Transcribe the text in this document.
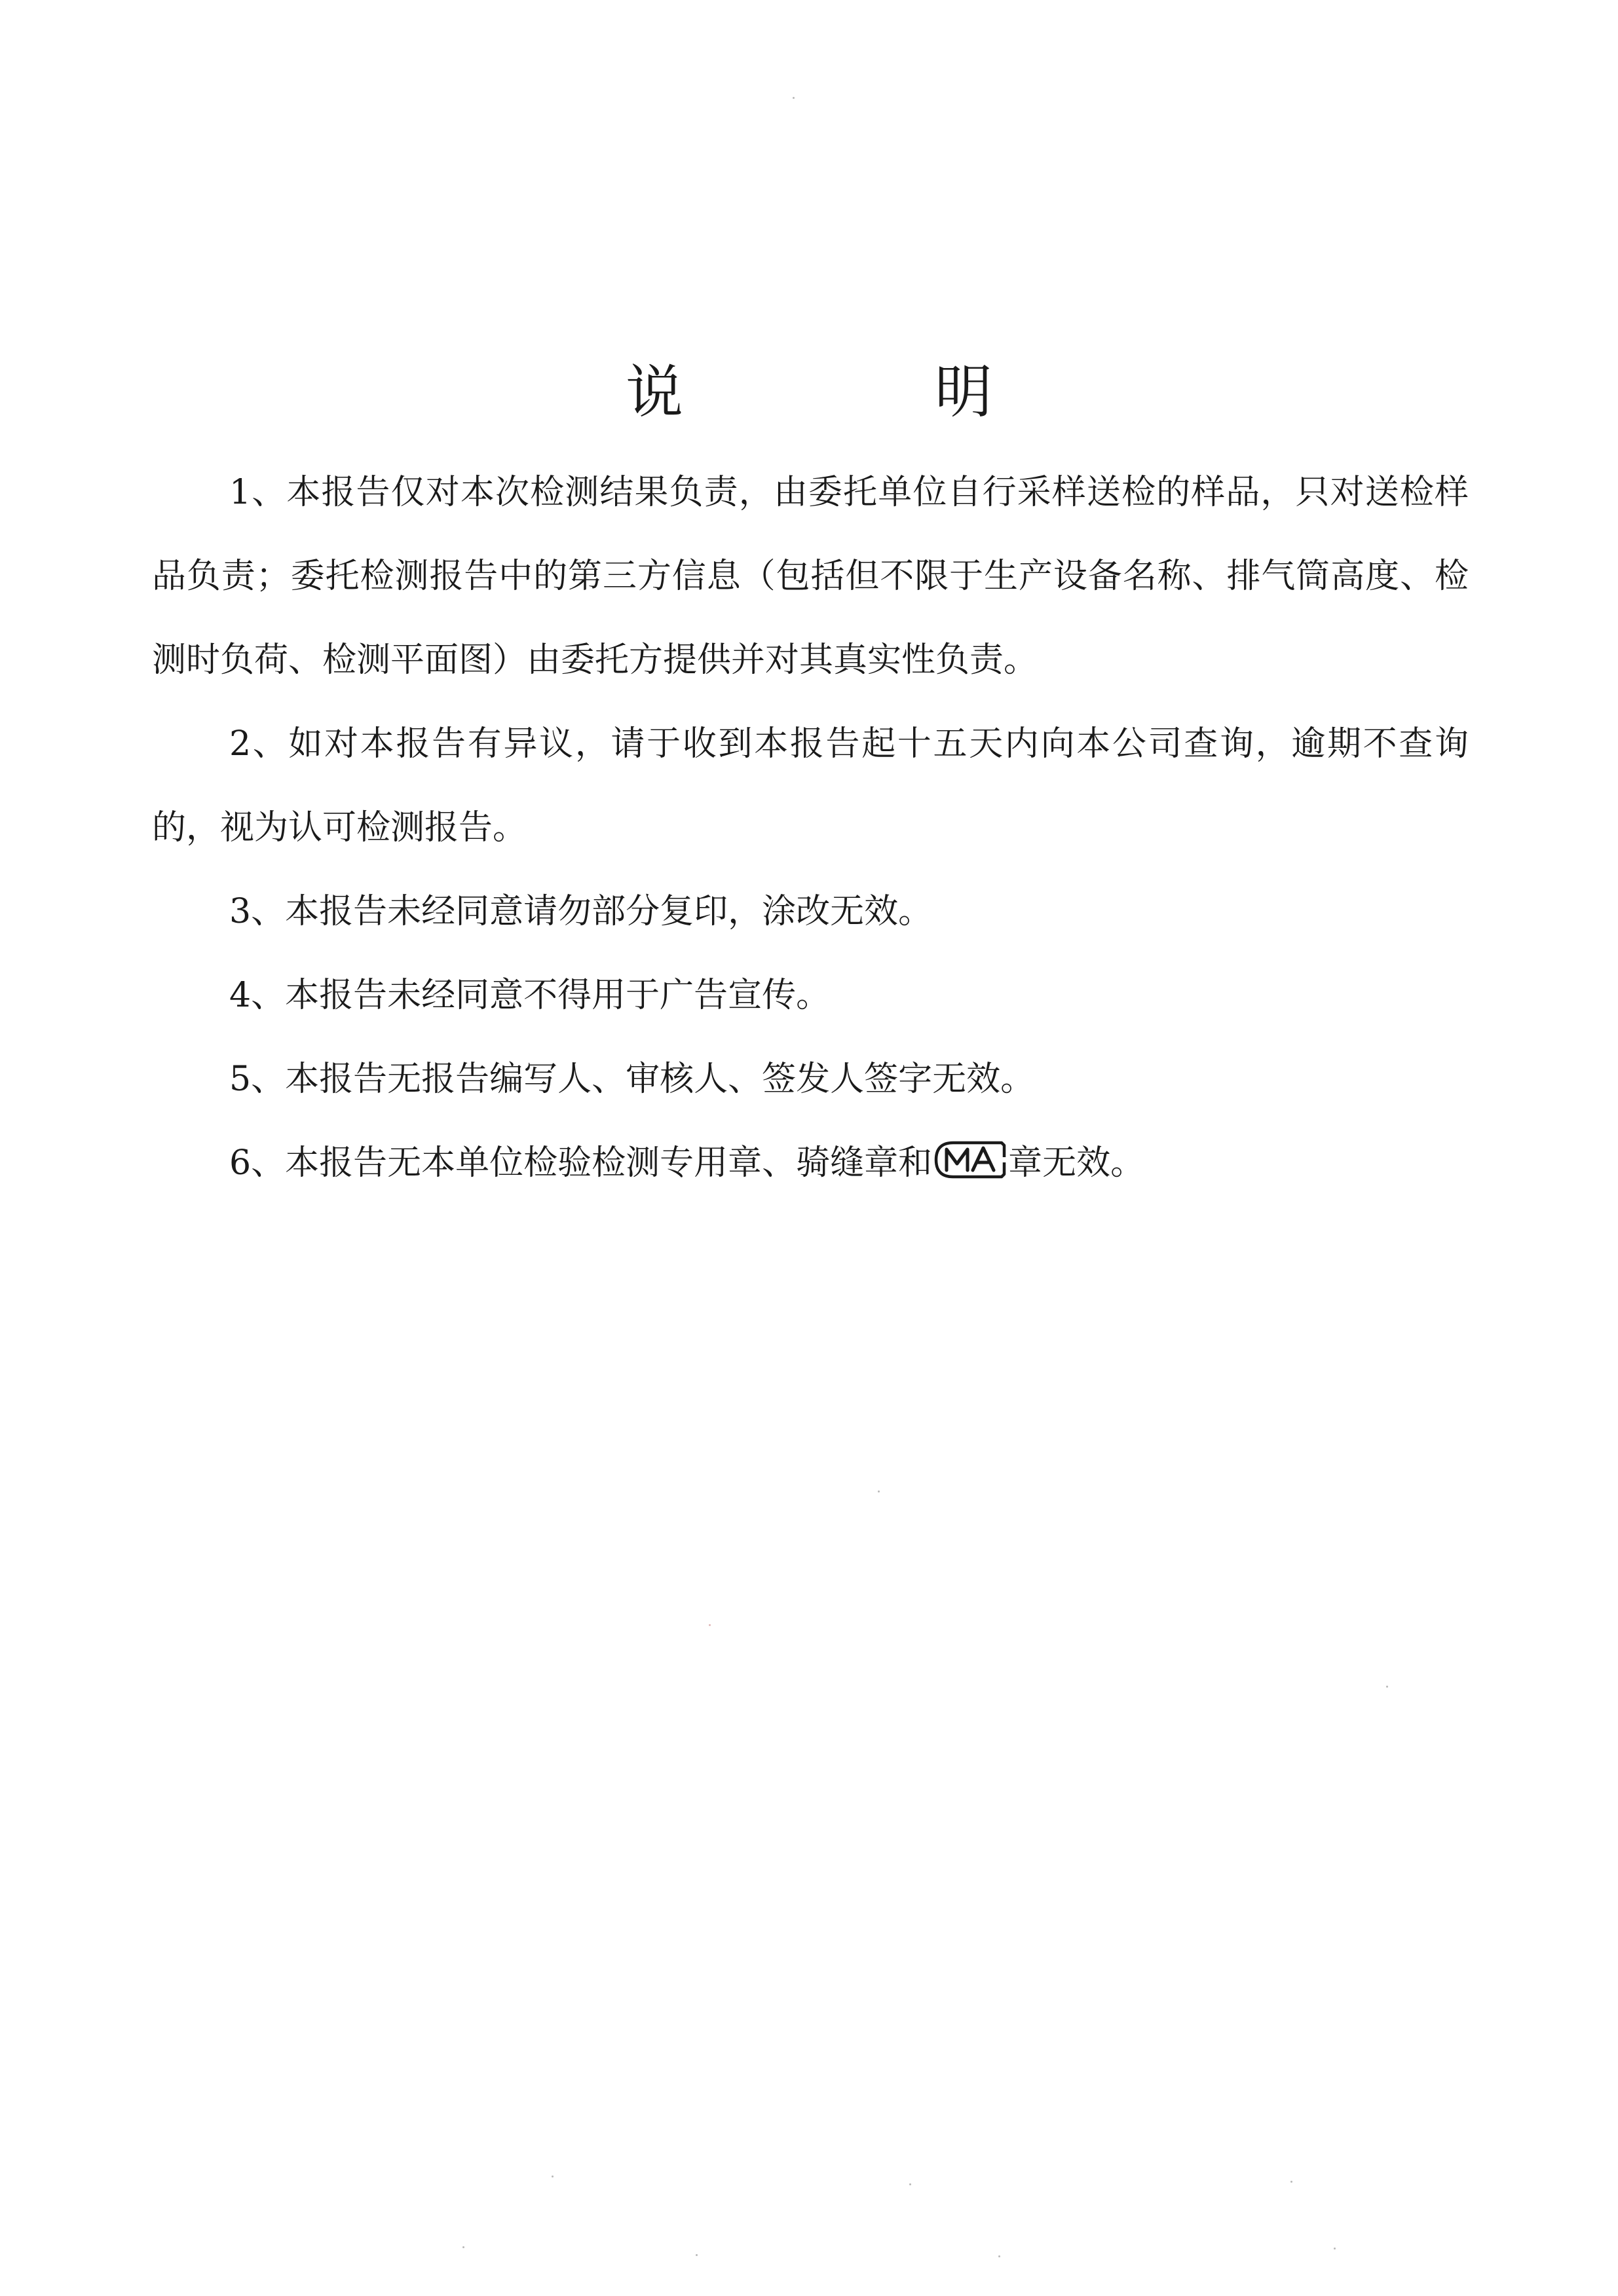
说　明

1、本报告仅对本次检测结果负责，由委托单位自行采样送检的样品，只对送检样品负责；委托检测报告中的第三方信息（包括但不限于生产设备名称、排气筒高度、检测时负荷、检测平面图）由委托方提供并对其真实性负责。

2、如对本报告有异议，请于收到本报告起十五天内向本公司查询，逾期不查询的，视为认可检测报告。

3、本报告未经同意请勿部分复印，涂改无效。

4、本报告未经同意不得用于广告宣传。

5、本报告无报告编写人、审核人、签发人签字无效。

6、本报告无本单位检验检测专用章、骑缝章和 章无效。
